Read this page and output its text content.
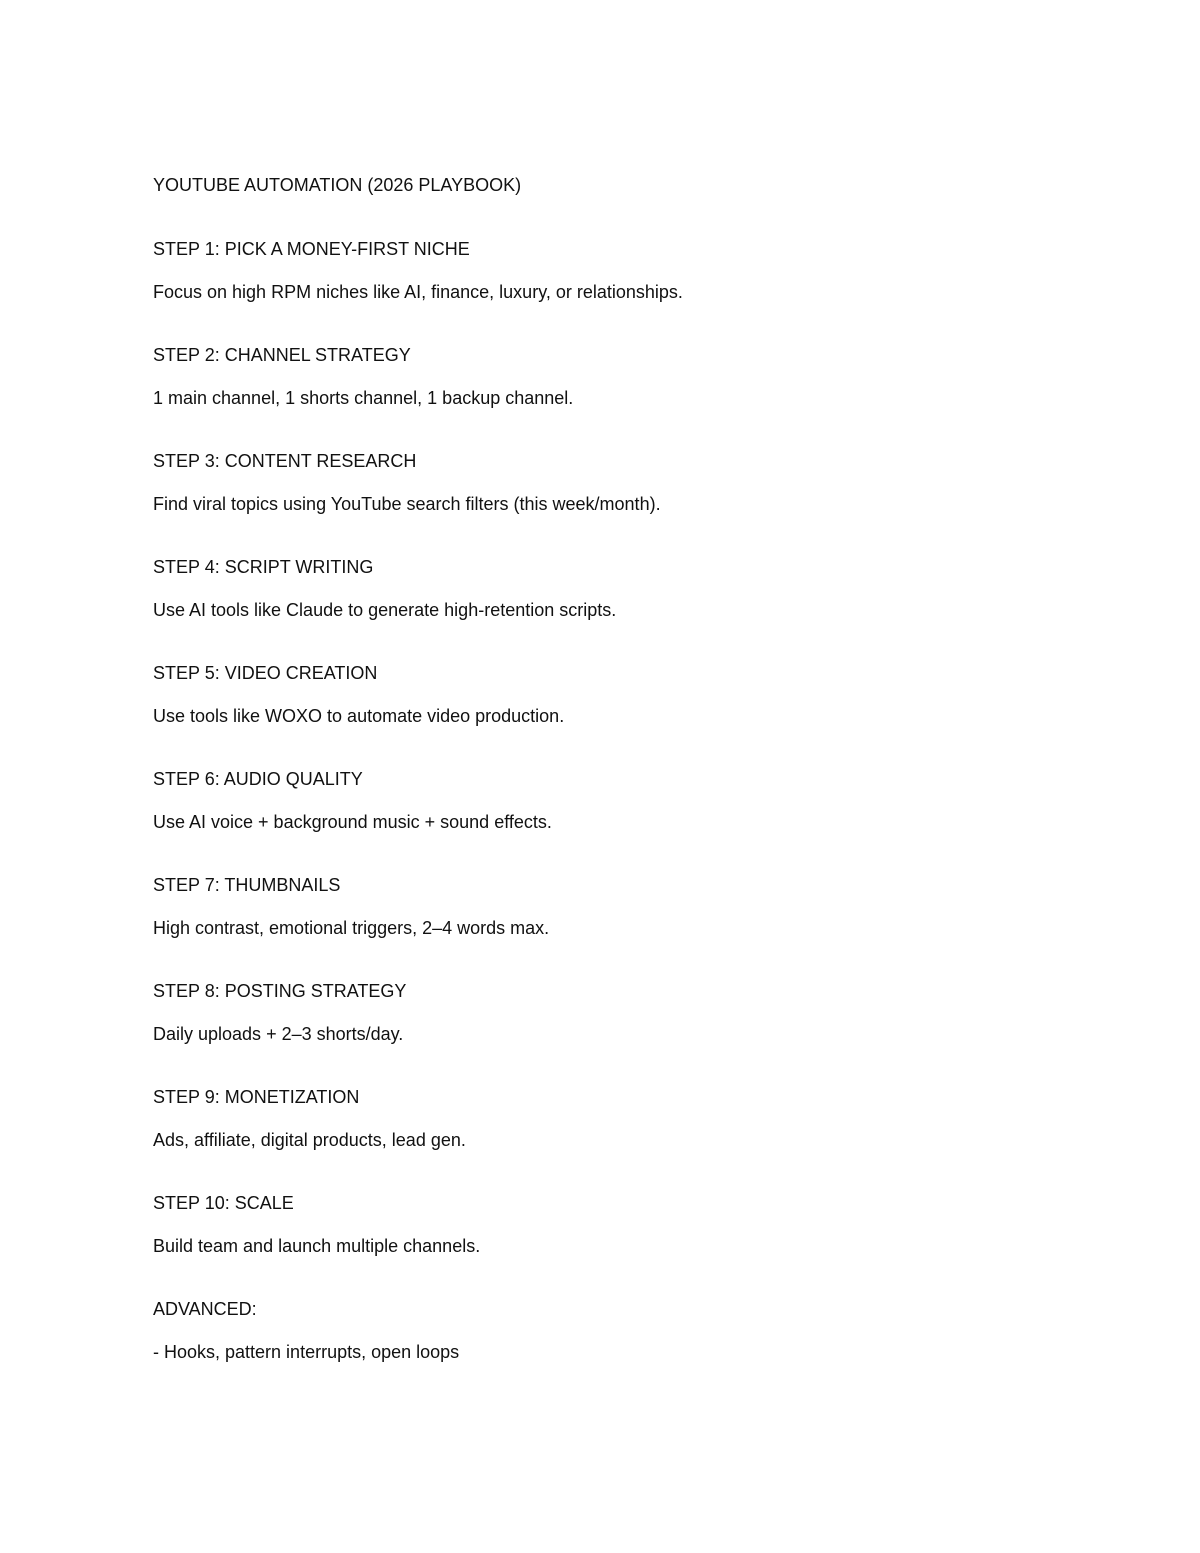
YOUTUBE AUTOMATION (2026 PLAYBOOK)

STEP 1: PICK A MONEY-FIRST NICHE

Focus on high RPM niches like AI, finance, luxury, or relationships.

STEP 2: CHANNEL STRATEGY

1 main channel, 1 shorts channel, 1 backup channel.

STEP 3: CONTENT RESEARCH

Find viral topics using YouTube search filters (this week/month).

STEP 4: SCRIPT WRITING

Use AI tools like Claude to generate high-retention scripts.

STEP 5: VIDEO CREATION

Use tools like WOXO to automate video production.

STEP 6: AUDIO QUALITY

Use AI voice + background music + sound effects.

STEP 7: THUMBNAILS

High contrast, emotional triggers, 2–4 words max.

STEP 8: POSTING STRATEGY

Daily uploads + 2–3 shorts/day.

STEP 9: MONETIZATION

Ads, affiliate, digital products, lead gen.

STEP 10: SCALE

Build team and launch multiple channels.

ADVANCED:

- Hooks, pattern interrupts, open loops
